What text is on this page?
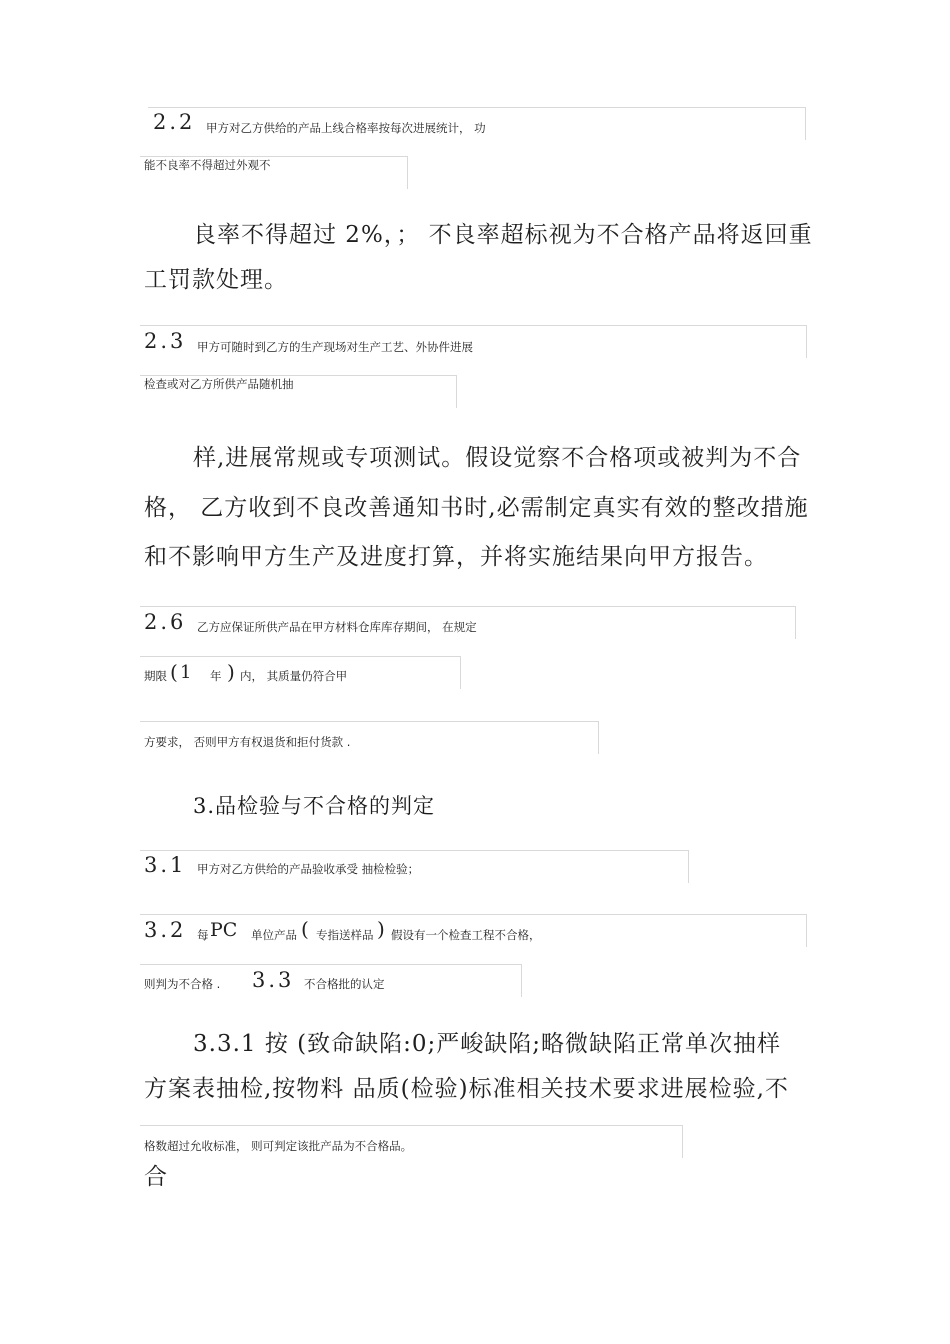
2.2 甲方对乙方供给的产品上线合格率按每次进展统计， 功
能不良率不得超过外观不
良率不得超过 2%，； 不良率超标视为不合格产品将返回重
工罚款处理。
2.3 甲方可随时到乙方的生产现场对生产工艺、外协件进展
检查或对乙方所供产品随机抽
样,进展常规或专项测试。假设觉察不合格项或被判为不合
格， 乙方收到不良改善通知书时,必需制定真实有效的整改措施
和不影响甲方生产及进度打算，并将实施结果向甲方报告。
2.6 乙方应保证所供产品在甲方材料仓库库存期间， 在规定
期限 ( 1 年 ) 内， 其质量仍符合甲
方要求， 否则甲方有权退货和拒付货款 .
3.品检验与不合格的判定
3.1 甲方对乙方供给的产品验收承受 抽检检验；
3.2 每 PC 单位产品 ( 专指送样品 ) 假设有一个检查工程不合格，
则判为不合格 . 3.3 不合格批的认定
3.3.1 按 (致命缺陷:0;严峻缺陷;略微缺陷正常单次抽样
方案表抽检,按物料 品质(检验)标准相关技术要求进展检验,不
格数超过允收标准， 则可判定该批产品为不合格品。
合
